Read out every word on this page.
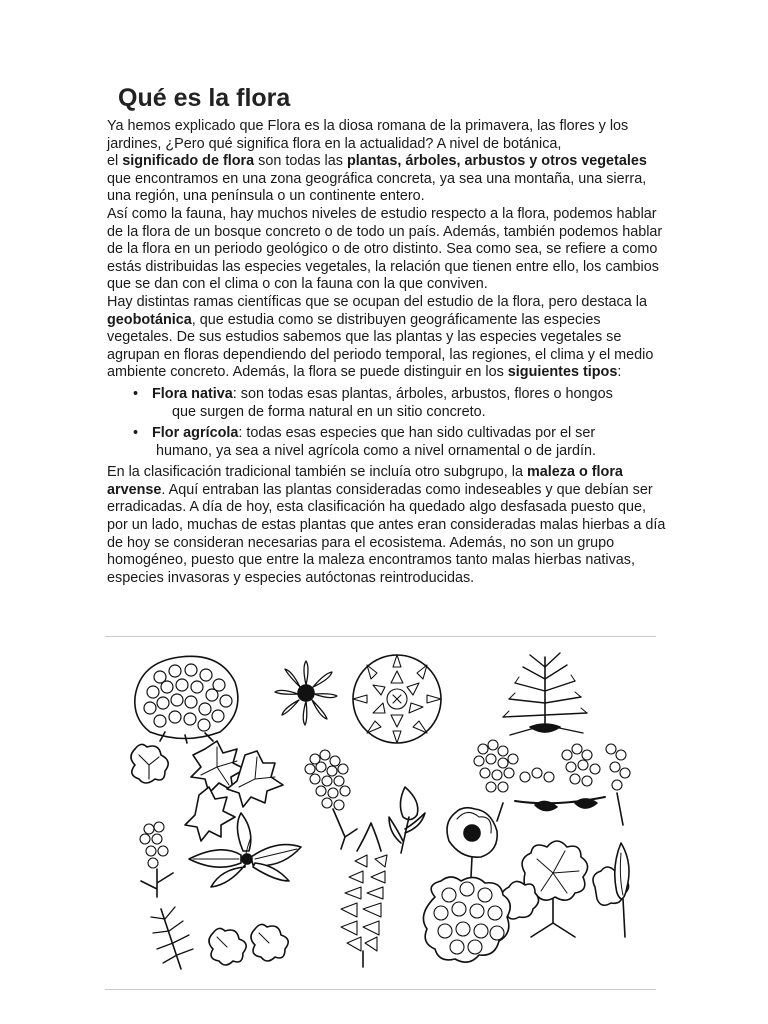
Qué es la flora

Ya hemos explicado que Flora es la diosa romana de la primavera, las flores y los jardines, ¿Pero qué significa flora en la actualidad? A nivel de botánica,
el significado de flora son todas las plantas, árboles, arbustos y otros vegetales que encontramos en una zona geográfica concreta, ya sea una montaña, una sierra, una región, una península o un continente entero.

Así como la fauna, hay muchos niveles de estudio respecto a la flora, podemos hablar de la flora de un bosque concreto o de todo un país. Además, también podemos hablar de la flora en un periodo geológico o de otro distinto. Sea como sea, se refiere a como estás distribuidas las especies vegetales, la relación que tienen entre ello, los cambios que se dan con el clima o con la fauna con la que conviven.

Hay distintas ramas científicas que se ocupan del estudio de la flora, pero destaca la geobotánica, que estudia como se distribuyen geográficamente las especies vegetales. De sus estudios sabemos que las plantas y las especies vegetales se agrupan en floras dependiendo del periodo temporal, las regiones, el clima y el medio ambiente concreto. Además, la flora se puede distinguir en los siguientes tipos:

• Flora nativa: son todas esas plantas, árboles, arbustos, flores o hongos
que surgen de forma natural en un sitio concreto.
• Flor agrícola: todas esas especies que han sido cultivadas por el ser
humano, ya sea a nivel agrícola como a nivel ornamental o de jardín.

En la clasificación tradicional también se incluía otro subgrupo, la maleza o flora arvense. Aquí entraban las plantas consideradas como indeseables y que debían ser erradicadas. A día de hoy, esta clasificación ha quedado algo desfasada puesto que, por un lado, muchas de estas plantas que antes eran consideradas malas hierbas a día de hoy se consideran necesarias para el ecosistema. Además, no son un grupo homogéneo, puesto que entre la maleza encontramos tanto malas hierbas nativas, especies invasoras y especies autóctonas reintroducidas.
